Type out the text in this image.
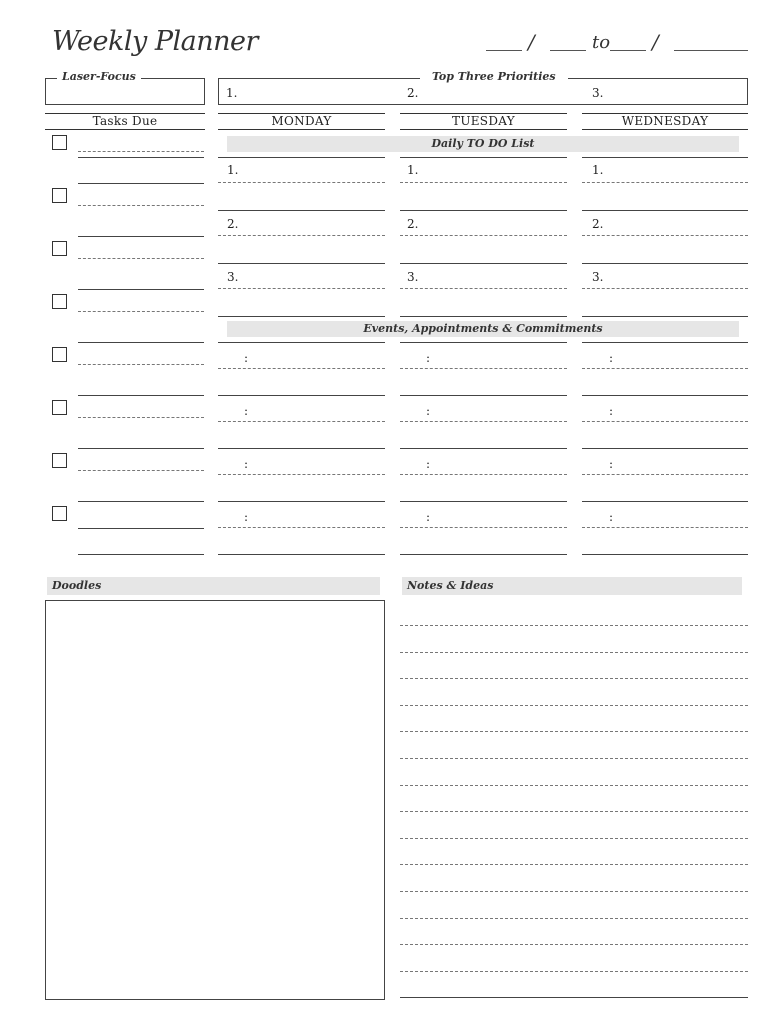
Weekly Planner	/	to /
Laser-Focus	Top Three Priorities
1.	2.	3.
Tasks Due	MONDAY	TUESDAY	WEDNESDAY
Daily TO DO List
Events, Appointments & Commitments
1.	1.	1.
2.	2.	2.
3.	3.	3.
:	:	:
:	:	:
:	:	:
:	:	:
Doodles	Notes & Ideas
